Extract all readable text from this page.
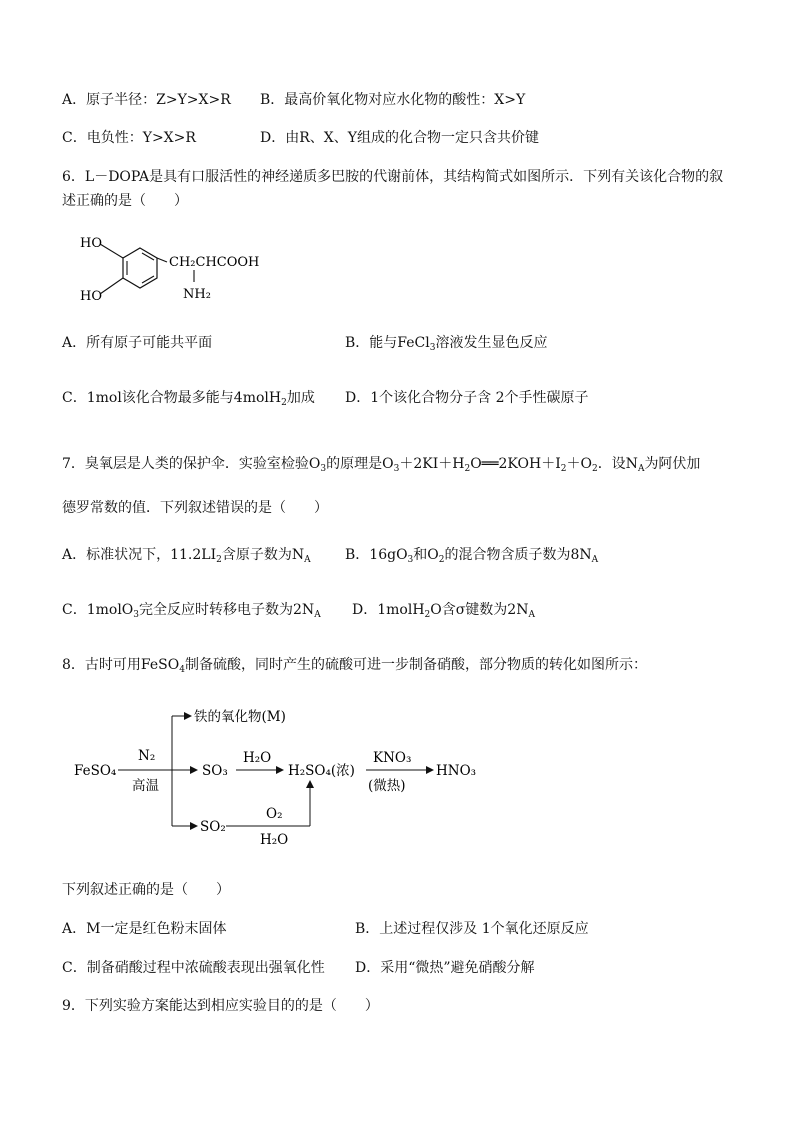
A．原子半径：Z>Y>X>R B．最高价氧化物对应水化物的酸性：X>Y
C．电负性：Y>X>R	D．由R、X、Y组成的化合物一定只含共价键
6．L－DOPA是具有口服活性的神经递质多巴胺的代谢前体，其结构简式如图所示．下列有关该化合物的叙
述正确的是（　　）
HO
HO
CH₂CHCOOH
NH₂
A．所有原子可能共平面	B．能与FeCl$_3$溶液发生显色反应
C．1mol该化合物最多能与4molH$_2$加成 D．1个该化合物分子含 2个手性碳原子
7．臭氧层是人类的保护伞．实验室检验$O_3$的原理是$O_3+2KI+H_2O══2KOH+I_2+O_2$．设$N_A$为阿伏加
德罗常数的值．下列叙述错误的是（　　）
A．标准状况下，$11.2LI_2$含原子数为$N_A$ B．$16gO_3$和$O_2$的混合物含质子数为$8N_A$
C．1molO$_3$完全反应时转移电子数为$2N_A$ D．1molH$_2$O含σ键数为$2N_A$
8．古时可用FeSO$_4$制备硫酸，同时产生的硫酸可进一步制备硝酸，部分物质的转化如图所示：
FeSO₄
N₂
高温
铁的氧化物(M)
SO₂
SO₃
H₂O
H₂SO₄(浓)
KNO₃
(微热)
HNO₃
O₂
H₂O
下列叙述正确的是（　　）
A．M一定是红色粉末固体	B．上述过程仅涉及 1个氧化还原反应
C．制备硝酸过程中浓硫酸表现出强氧化性 D．采用“微热”避免硝酸分解
9．下列实验方案能达到相应实验目的的是（　　）
